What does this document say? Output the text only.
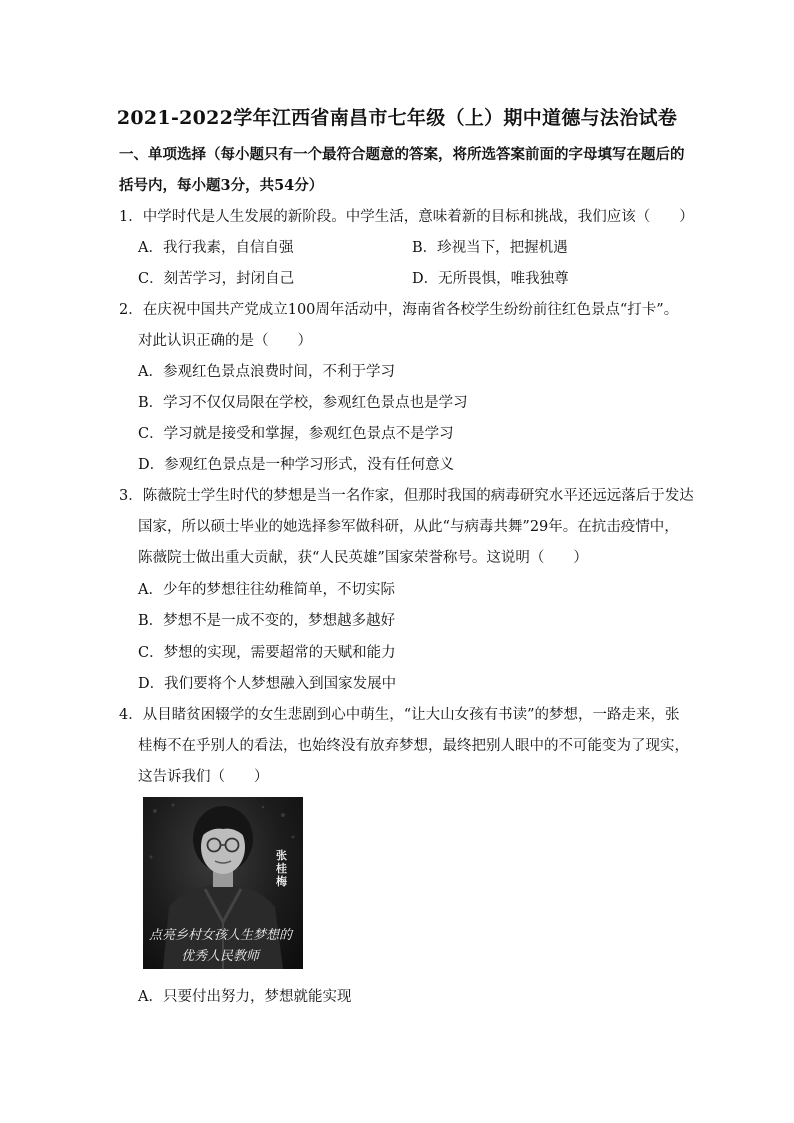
2021-2022学年江西省南昌市七年级（上）期中道德与法治试卷
一、单项选择（每小题只有一个最符合题意的答案，将所选答案前面的字母填写在题后的
括号内，每小题3分，共54分）
1．中学时代是人生发展的新阶段。中学生活，意味着新的目标和挑战，我们应该（　　）
A．我行我素，自信自强	B．珍视当下，把握机遇
C．刻苦学习，封闭自己	D．无所畏惧，唯我独尊
2．在庆祝中国共产党成立100周年活动中，海南省各校学生纷纷前往红色景点“打卡”。
对此认识正确的是（　　）
A．参观红色景点浪费时间，不利于学习
B．学习不仅仅局限在学校，参观红色景点也是学习
C．学习就是接受和掌握，参观红色景点不是学习
D．参观红色景点是一种学习形式，没有任何意义
3．陈薇院士学生时代的梦想是当一名作家，但那时我国的病毒研究水平还远远落后于发达
国家，所以硕士毕业的她选择参军做科研，从此“与病毒共舞”29年。在抗击疫情中，
陈薇院士做出重大贡献，获“人民英雄”国家荣誉称号。这说明（　　）
A．少年的梦想往往幼稚简单，不切实际
B．梦想不是一成不变的，梦想越多越好
C．梦想的实现，需要超常的天赋和能力
D．我们要将个人梦想融入到国家发展中
4．从目睹贫困辍学的女生悲剧到心中萌生，“让大山女孩有书读”的梦想，一路走来，张
桂梅不在乎别人的看法，也始终没有放弃梦想，最终把别人眼中的不可能变为了现实，
这告诉我们（　　）
张 桂 梅
点亮乡村女孩人生梦想的
优秀人民教师
A．只要付出努力，梦想就能实现
